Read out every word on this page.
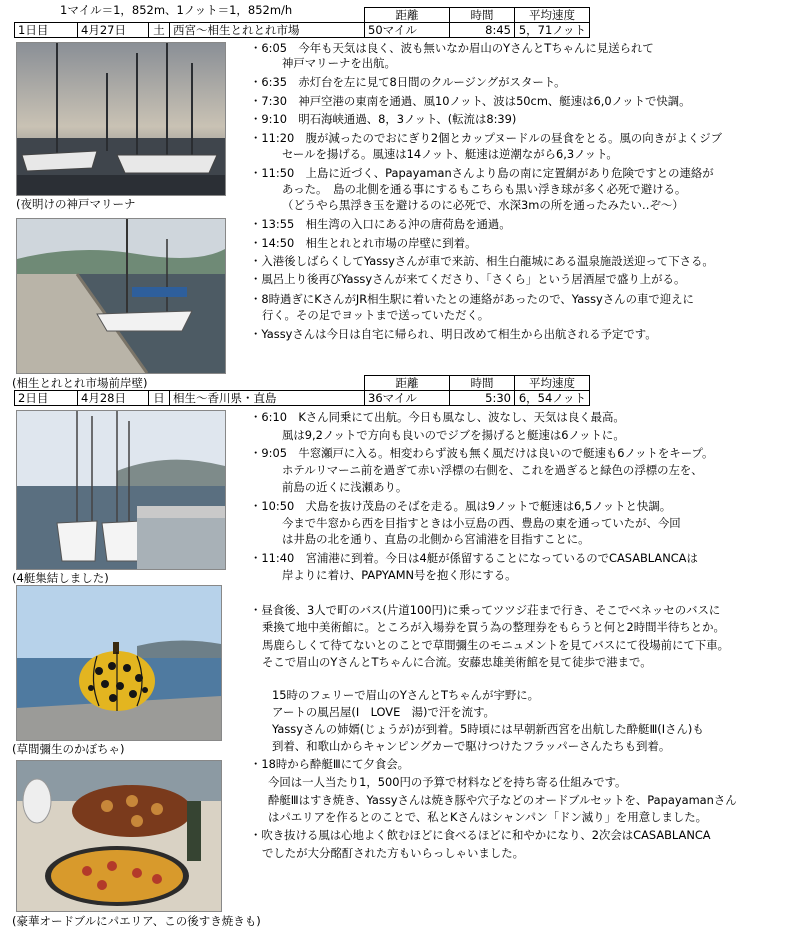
1マイル＝1，852m、1ノット＝1，852m/h
				距離	時間	平均速度
1日目	4月27日	土	西宮～相生とれとれ市場	50マイル	8:45	5，71ノット
(夜明けの神戸マリーナ
(相生とれとれ市場前岸壁)
・6:05　今年も天気は良く、波も無いなか眉山のYさんとTちゃんに見送られて
神戸マリーナを出航。
・6:35　赤灯台を左に見て8日間のクルージングがスタート。
・7:30　神戸空港の東南を通過、風10ノット、波は50cm、艇速は6,0ノットで快調。
・9:10　明石海峡通過、8，3ノット、(転流は8:39)
・11:20　腹が減ったのでおにぎり2個とカップヌードルの昼食をとる。風の向きがよくジブ
セールを揚げる。風速は14ノット、艇速は逆潮ながら6,3ノット。
・11:50　上島に近づく、Papayamanさんより島の南に定置網があり危険ですとの連絡が
あった。　島の北側を通る事にするもこちらも黒い浮き球が多く必死で避ける。
（どうやら黒浮き玉を避けるのに必死で、水深3mの所を通ったみたい‥ぞ～）
・13:55　相生湾の入口にある沖の唐荷島を通過。
・14:50　相生とれとれ市場の岸壁に到着。
・入港後しばらくしてYassyさんが車で来訪、相生白龍城にある温泉施設送迎って下さる。
・風呂上り後再びYassyさんが来てくださり、「さくら」という居酒屋で盛り上がる。
・8時過ぎにKさんがJR相生駅に着いたとの連絡があったので、Yassyさんの車で迎えに
行く。その足でヨットまで送っていただく。
・Yassyさんは今日は自宅に帰られ、明日改めて相生から出航される予定です。
				距離	時間	平均速度
2日目	4月28日	日	相生～香川県・直島	36マイル	5:30	6，54ノット
(4艇集結しました)
(草間彌生のかぼちゃ)
(豪華オードブルにパエリア、この後すき焼きも)
・6:10　Kさん同乗にて出航。今日も風なし、波なし、天気は良く最高。
風は9,2ノットで方向も良いのでジブを揚げると艇速は6ノットに。
・9:05　牛窓瀬戸に入る。相変わらず波も無く風だけは良いので艇速も6ノットをキープ。
ホテルリマーニ前を過ぎて赤い浮標の右側を、これを過ぎると緑色の浮標の左を、
前島の近くに浅瀬あり。
・10:50　犬島を抜け茂島のそばを走る。風は9ノットで艇速は6,5ノットと快調。
今まで牛窓から西を目指すときは小豆島の西、豊島の東を通っていたが、今回
は井島の北を通り、直島の北側から宮浦港を目指すことに。
・11:40　宮浦港に到着。今日は4艇が係留することになっているのでCASABLANCAは
岸よりに着け、PAPYAMN号を抱く形にする。
・昼食後、3人で町のバス(片道100円)に乗ってツツジ荘まで行き、そこでベネッセのバスに
乗換て地中美術館に。ところが入場券を買う為の整理券をもらうと何と2時間半待ちとか。
馬鹿らしくて待てないとのことで草間彌生のモニュメントを見てバスにて役場前にて下車。
そこで眉山のYさんとTちゃんに合流。安藤忠雄美術館を見て徒歩で港まで。
15時のフェリーで眉山のYさんとTちゃんが宇野に。
アートの風呂屋(I　LOVE　湯)で汗を流す。
Yassyさんの姉婿(じょうが)が到着。5時頃には早朝新西宮を出航した酔艇Ⅲ(Iさん)も
到着、和歌山からキャンピングカーで駆けつけたフラッパーさんたちも到着。
・18時から酔艇Ⅲにて夕食会。
今回は一人当たり1，500円の予算で材料などを持ち寄る仕組みです。
酔艇Ⅲはすき焼き、Yassyさんは焼き豚や穴子などのオードブルセットを、Papayamanさん
はパエリアを作るとのことで、私とKさんはシャンパン「ドン滅り」を用意しました。
・吹き抜ける風は心地よく飲むほどに食べるほどに和やかになり、2次会はCASABLANCA
でしたが大分酩酊された方もいらっしゃいました。
